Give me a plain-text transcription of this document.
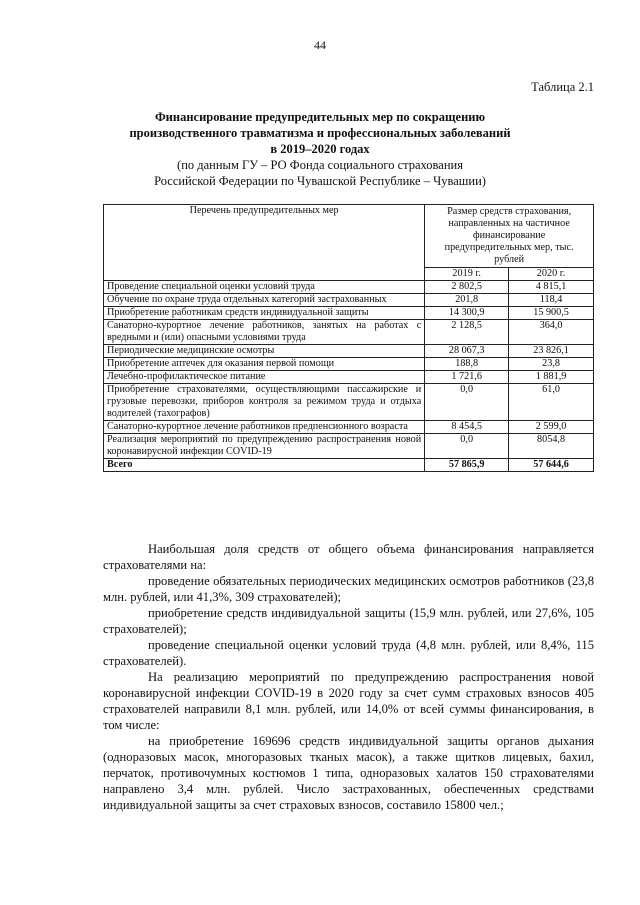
44
Таблица 2.1
Финансирование предупредительных мер по сокращению
производственного травматизма и профессиональных заболеваний
в 2019–2020 годах
(по данным ГУ – РО Фонда социального страхования
Российской Федерации по Чувашской Республике – Чувашии)
Перечень предупредительных мер	Размер средств страхования, направленных на частичное финансирование предупредительных мер, тыс. рублей	
	2019 г.	2020 г.
Проведение специальной оценки условий труда	2 802,5	4 815,1
Обучение по охране труда отдельных категорий застрахованных	201,8	118,4
Приобретение работникам средств индивидуальной защиты	14 300,9	15 900,5
Санаторно-курортное лечение работников, занятых на работах с вредными и (или) опасными условиями труда	2 128,5	364,0
Периодические медицинские осмотры	28 067,3	23 826,1
Приобретение аптечек для оказания первой помощи	188,8	23,8
Лечебно-профилактическое питание	1 721,6	1 881,9
Приобретение страхователями, осуществляющими пассажирские и грузовые перевозки, приборов контроля за режимом труда и отдыха водителей (тахографов)	0,0	61,0
Санаторно-курортное лечение работников предпенсионного возраста	8 454,5	2 599,0
Реализация мероприятий по предупреждению распространения новой коронавирусной инфекции COVID-19	0,0	8054,8
Всего	57 865,9	57 644,6

Наибольшая доля средств от общего объема финансирования направляется страхователями на:

проведение обязательных периодических медицинских осмотров работников (23,8 млн. рублей, или 41,3%, 309 страхователей);

приобретение средств индивидуальной защиты (15,9 млн. рублей, или 27,6%, 105 страхователей);

проведение специальной оценки условий труда (4,8 млн. рублей, или 8,4%, 115 страхователей).

На реализацию мероприятий по предупреждению распространения новой коронавирусной инфекции COVID-19 в 2020 году за счет сумм страховых взносов 405 страхователей направили 8,1 млн. рублей, или 14,0% от всей суммы финансирования, в том числе:

на приобретение 169696 средств индивидуальной защиты органов дыхания (одноразовых масок, многоразовых тканых масок), а также щитков лицевых, бахил, перчаток, противочумных костюмов 1 типа, одноразовых халатов 150 страхователями направлено 3,4 млн. рублей. Число застрахованных, обеспеченных средствами индивидуальной защиты за счет страховых взносов, составило 15800 чел.;
